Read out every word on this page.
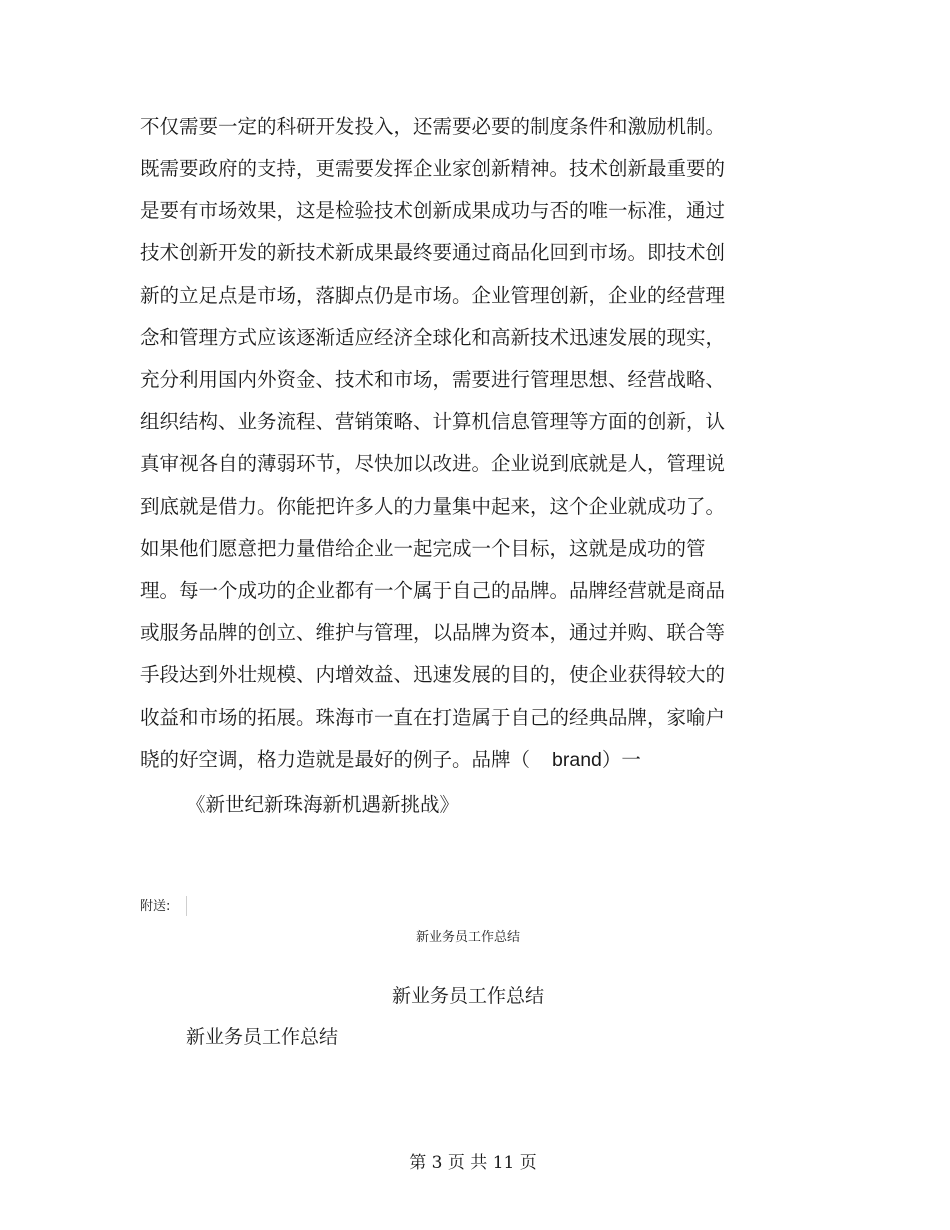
不仅需要一定的科研开发投入，还需要必要的制度条件和激励机制。
既需要政府的支持，更需要发挥企业家创新精神。技术创新最重要的
是要有市场效果，这是检验技术创新成果成功与否的唯一标准，通过
技术创新开发的新技术新成果最终要通过商品化回到市场。即技术创
新的立足点是市场，落脚点仍是市场。企业管理创新，企业的经营理
念和管理方式应该逐渐适应经济全球化和高新技术迅速发展的现实，
充分利用国内外资金、技术和市场，需要进行管理思想、经营战略、
组织结构、业务流程、营销策略、计算机信息管理等方面的创新，认
真审视各自的薄弱环节，尽快加以改进。企业说到底就是人，管理说
到底就是借力。你能把许多人的力量集中起来，这个企业就成功了。
如果他们愿意把力量借给企业一起完成一个目标，这就是成功的管
理。每一个成功的企业都有一个属于自己的品牌。品牌经营就是商品
或服务品牌的创立、维护与管理，以品牌为资本，通过并购、联合等
手段达到外壮规模、内增效益、迅速发展的目的，使企业获得较大的
收益和市场的拓展。珠海市一直在打造属于自己的经典品牌，家喻户
晓的好空调，格力造就是最好的例子。品牌（ brand）一
《新世纪新珠海新机遇新挑战》
附送:
新业务员工作总结
新业务员工作总结
新业务员工作总结
第 3 页 共 11 页
